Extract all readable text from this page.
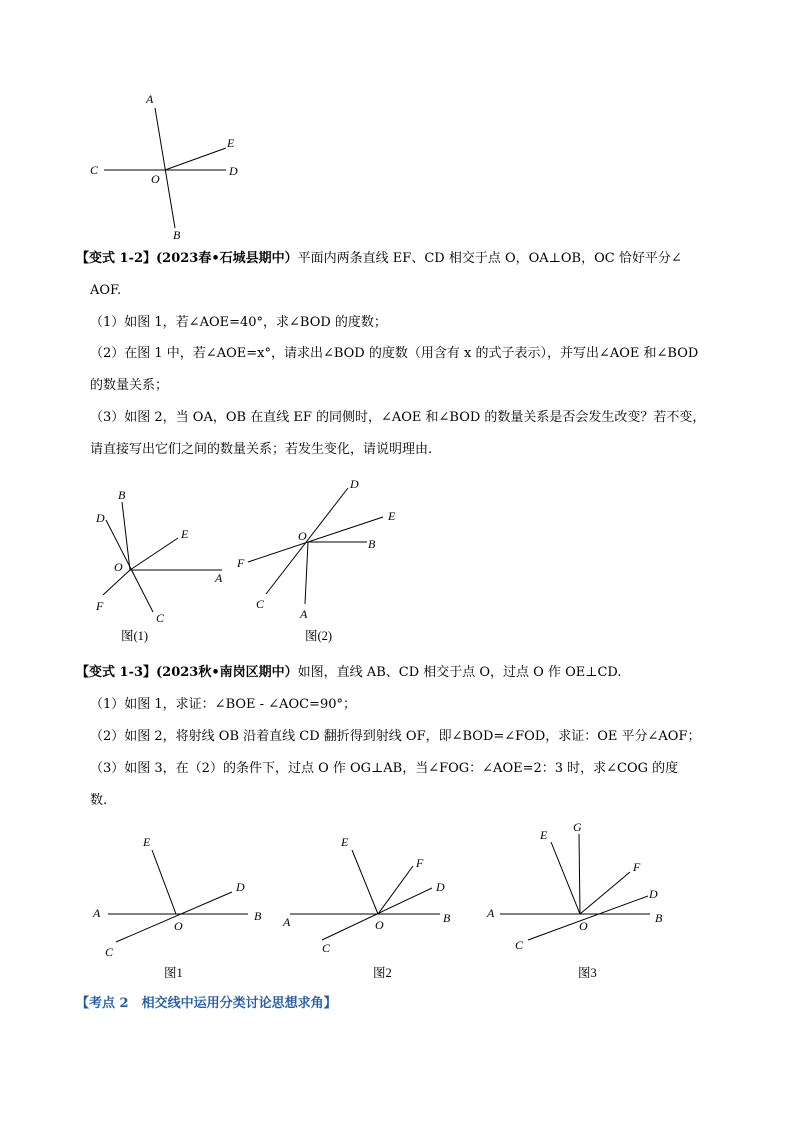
A
E
C
O
D
B
【变式 1-2】(2023春•石城县期中）平面内两条直线 EF、CD 相交于点 O，OA⊥OB，OC 恰好平分∠
AOF.
（1）如图 1，若∠AOE=40°，求∠BOD 的度数；
（2）在图 1 中，若∠AOE=x°，请求出∠BOD 的度数（用含有 x 的式子表示），并写出∠AOE 和∠BOD
的数量关系；
（3）如图 2，当 OA，OB 在直线 EF 的同侧时，∠AOE 和∠BOD 的数量关系是否会发生改变？若不变，
请直接写出它们之间的数量关系；若发生变化，请说明理由.
B
D
E
O
A
F
C
图(1)
D
E
O
B
F
C
A
图(2)
【变式 1-3】(2023秋•南岗区期中）如图，直线 AB、CD 相交于点 O，过点 O 作 OE⊥CD.
（1）如图 1，求证：∠BOE - ∠AOC=90°；
（2）如图 2，将射线 OB 沿着直线 CD 翻折得到射线 OF，即∠BOD=∠FOD，求证：OE 平分∠AOF；
（3）如图 3，在（2）的条件下，过点 O 作 OG⊥AB，当∠FOG：∠AOE=2：3 时，求∠COG 的度
数.
E
D
A	B
O
C
图1
E
F
D
A	B
O
C
图2
G
E
F
D
A	B
O
C
图3
【考点 2　相交线中运用分类讨论思想求角】
